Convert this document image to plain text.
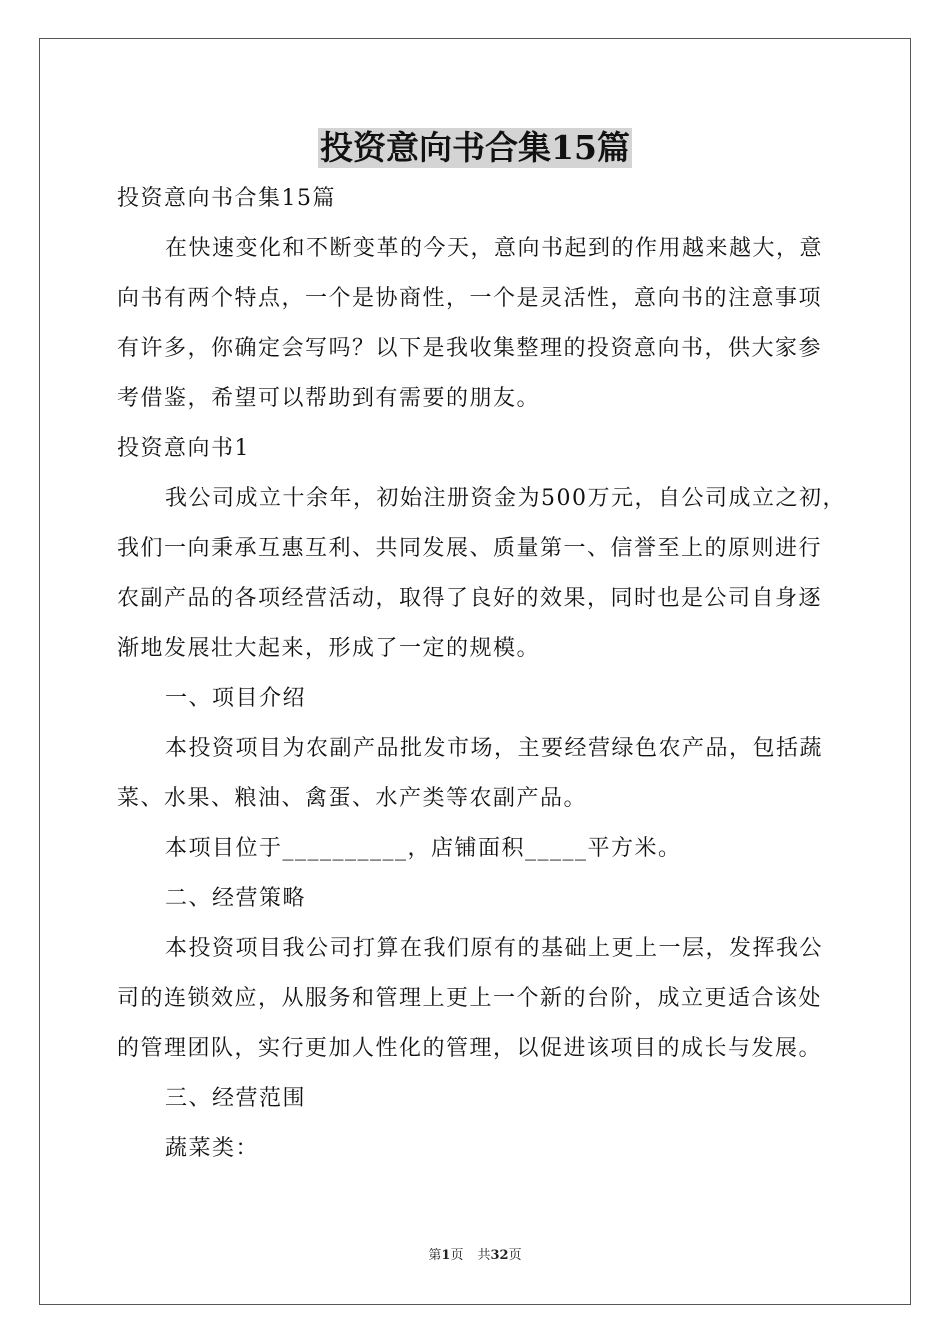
投资意向书合集15篇
投资意向书合集15篇
在快速变化和不断变革的今天，意向书起到的作用越来越大，意
向书有两个特点，一个是协商性，一个是灵活性，意向书的注意事项
有许多，你确定会写吗？以下是我收集整理的投资意向书，供大家参
考借鉴，希望可以帮助到有需要的朋友。
投资意向书1
我公司成立十余年，初始注册资金为500万元，自公司成立之初，
我们一向秉承互惠互利、共同发展、质量第一、信誉至上的原则进行
农副产品的各项经营活动，取得了良好的效果，同时也是公司自身逐
渐地发展壮大起来，形成了一定的规模。
一、项目介绍
本投资项目为农副产品批发市场，主要经营绿色农产品，包括蔬
菜、水果、粮油、禽蛋、水产类等农副产品。
本项目位于__________，店铺面积_____平方米。
二、经营策略
本投资项目我公司打算在我们原有的基础上更上一层，发挥我公
司的连锁效应，从服务和管理上更上一个新的台阶，成立更适合该处
的管理团队，实行更加人性化的管理，以促进该项目的成长与发展。
三、经营范围
蔬菜类：
第1页 共32页
